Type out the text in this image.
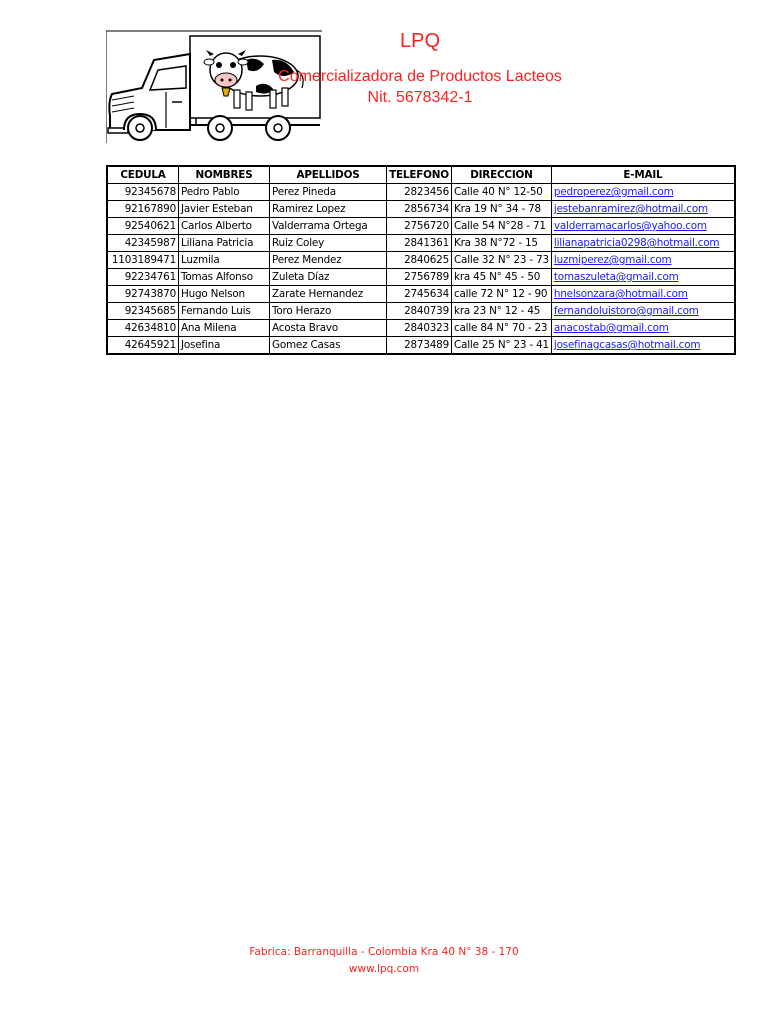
LPQ
Comercializadora de Productos Lacteos
Nit. 5678342-1
CEDULA	NOMBRES	APELLIDOS	TELEFONO	DIRECCION	E-MAIL
92345678	Pedro Pablo	Perez Pineda	2823456	Calle 40 N° 12-50	pedroperez@gmail.com
92167890	Javier Esteban	Ramirez Lopez	2856734	Kra 19 N° 34 - 78	jestebanramirez@hotmail.com
92540621	Carlos Alberto	Valderrama Ortega	2756720	Calle 54 N°28 - 71	valderramacarlos@yahoo.com
42345987	Liliana Patricia	Ruiz Coley	2841361	Kra 38 N°72 - 15	lilianapatricia0298@hotmail.com
1103189471	Luzmila	Perez Mendez	2840625	Calle 32 N° 23 - 73	luzmiperez@gmail.com
92234761	Tomas Alfonso	Zuleta Díaz	2756789	kra 45 N° 45 - 50	tomaszuleta@gmail.com
92743870	Hugo Nelson	Zarate Hernandez	2745634	calle 72 N° 12 - 90	hnelsonzara@hotmail.com
92345685	Fernando Luis	Toro Herazo	2840739	kra 23 N° 12 - 45	fernandoluistoro@gmail.com
42634810	Ana Milena	Acosta Bravo	2840323	calle 84 N° 70 - 23	anacostab@gmail.com
42645921	Josefina	Gomez Casas	2873489	Calle 25 N° 23 - 41	josefinagcasas@hotmail.com
Fabrica: Barranquilla - Colombia Kra 40 N° 38 - 170
www.lpq.com
